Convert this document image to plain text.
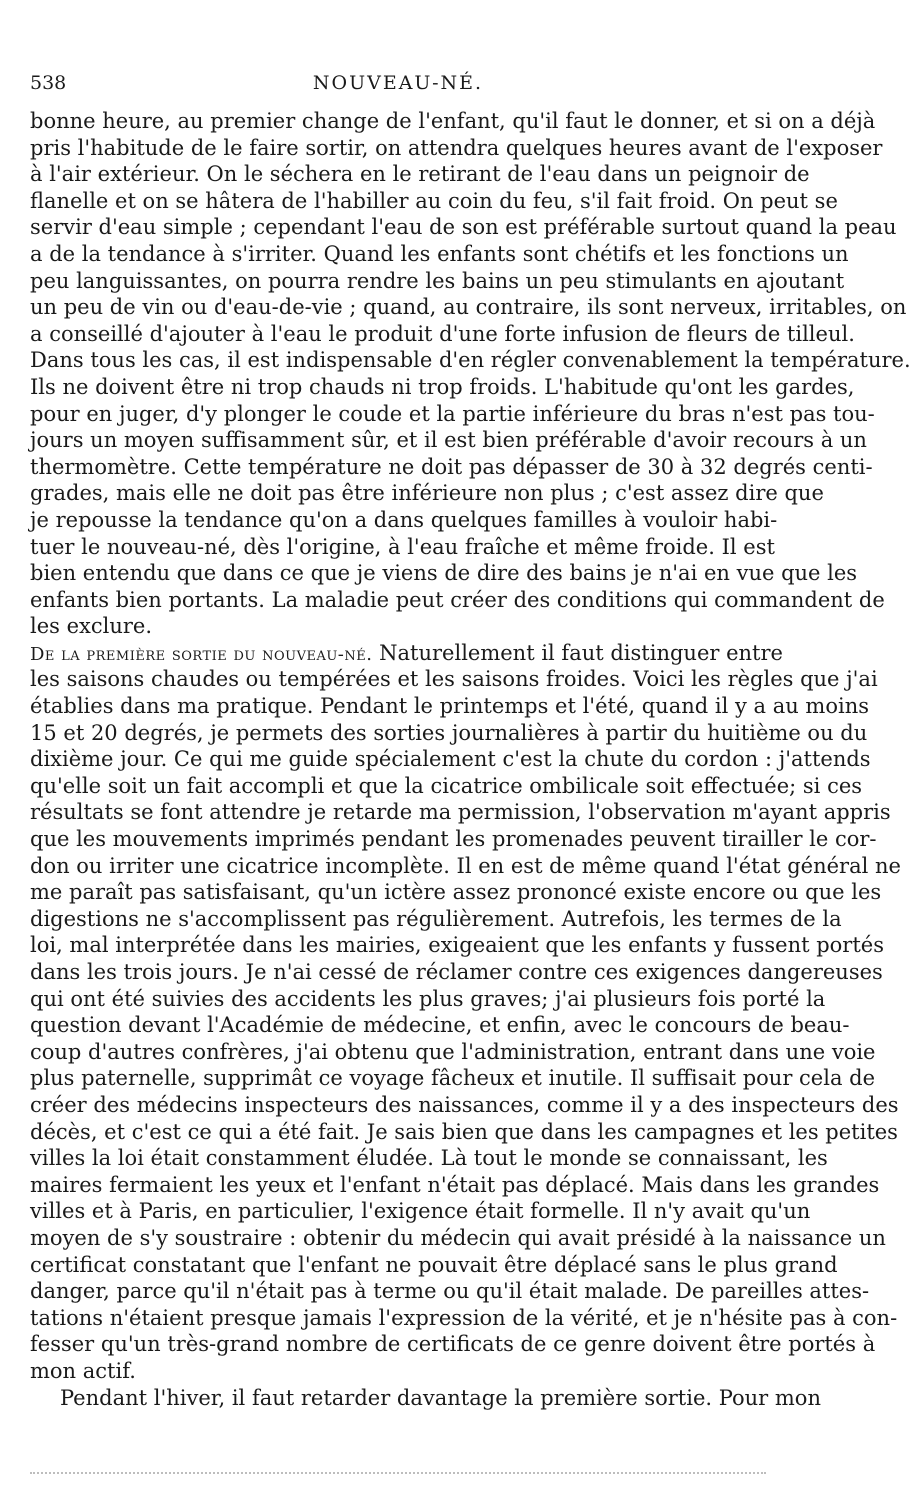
538	NOUVEAU-NÉ.
bonne heure, au premier change de l'enfant, qu'il faut le donner, et si on a déjà
pris l'habitude de le faire sortir, on attendra quelques heures avant de l'exposer
à l'air extérieur. On le séchera en le retirant de l'eau dans un peignoir de
flanelle et on se hâtera de l'habiller au coin du feu, s'il fait froid. On peut se
servir d'eau simple ; cependant l'eau de son est préférable surtout quand la peau
a de la tendance à s'irriter. Quand les enfants sont chétifs et les fonctions un
peu languissantes, on pourra rendre les bains un peu stimulants en ajoutant
un peu de vin ou d'eau-de-vie ; quand, au contraire, ils sont nerveux, irritables, on
a conseillé d'ajouter à l'eau le produit d'une forte infusion de fleurs de tilleul.
Dans tous les cas, il est indispensable d'en régler convenablement la température.
Ils ne doivent être ni trop chauds ni trop froids. L'habitude qu'ont les gardes,
pour en juger, d'y plonger le coude et la partie inférieure du bras n'est pas tou-
jours un moyen suffisamment sûr, et il est bien préférable d'avoir recours à un
thermomètre. Cette température ne doit pas dépasser de 30 à 32 degrés centi-
grades, mais elle ne doit pas être inférieure non plus ; c'est assez dire que
je repousse la tendance qu'on a dans quelques familles à vouloir habi-
tuer le nouveau-né, dès l'origine, à l'eau fraîche et même froide. Il est
bien entendu que dans ce que je viens de dire des bains je n'ai en vue que les
enfants bien portants. La maladie peut créer des conditions qui commandent de
les exclure.
De la première sortie du nouveau-né. Naturellement il faut distinguer entre
les saisons chaudes ou tempérées et les saisons froides. Voici les règles que j'ai
établies dans ma pratique. Pendant le printemps et l'été, quand il y a au moins
15 et 20 degrés, je permets des sorties journalières à partir du huitième ou du
dixième jour. Ce qui me guide spécialement c'est la chute du cordon : j'attends
qu'elle soit un fait accompli et que la cicatrice ombilicale soit effectuée; si ces
résultats se font attendre je retarde ma permission, l'observation m'ayant appris
que les mouvements imprimés pendant les promenades peuvent tirailler le cor-
don ou irriter une cicatrice incomplète. Il en est de même quand l'état général ne
me paraît pas satisfaisant, qu'un ictère assez prononcé existe encore ou que les
digestions ne s'accomplissent pas régulièrement. Autrefois, les termes de la
loi, mal interprétée dans les mairies, exigeaient que les enfants y fussent portés
dans les trois jours. Je n'ai cessé de réclamer contre ces exigences dangereuses
qui ont été suivies des accidents les plus graves; j'ai plusieurs fois porté la
question devant l'Académie de médecine, et enfin, avec le concours de beau-
coup d'autres confrères, j'ai obtenu que l'administration, entrant dans une voie
plus paternelle, supprimât ce voyage fâcheux et inutile. Il suffisait pour cela de
créer des médecins inspecteurs des naissances, comme il y a des inspecteurs des
décès, et c'est ce qui a été fait. Je sais bien que dans les campagnes et les petites
villes la loi était constamment éludée. Là tout le monde se connaissant, les
maires fermaient les yeux et l'enfant n'était pas déplacé. Mais dans les grandes
villes et à Paris, en particulier, l'exigence était formelle. Il n'y avait qu'un
moyen de s'y soustraire : obtenir du médecin qui avait présidé à la naissance un
certificat constatant que l'enfant ne pouvait être déplacé sans le plus grand
danger, parce qu'il n'était pas à terme ou qu'il était malade. De pareilles attes-
tations n'étaient presque jamais l'expression de la vérité, et je n'hésite pas à con-
fesser qu'un très-grand nombre de certificats de ce genre doivent être portés à
mon actif.
Pendant l'hiver, il faut retarder davantage la première sortie. Pour mon
